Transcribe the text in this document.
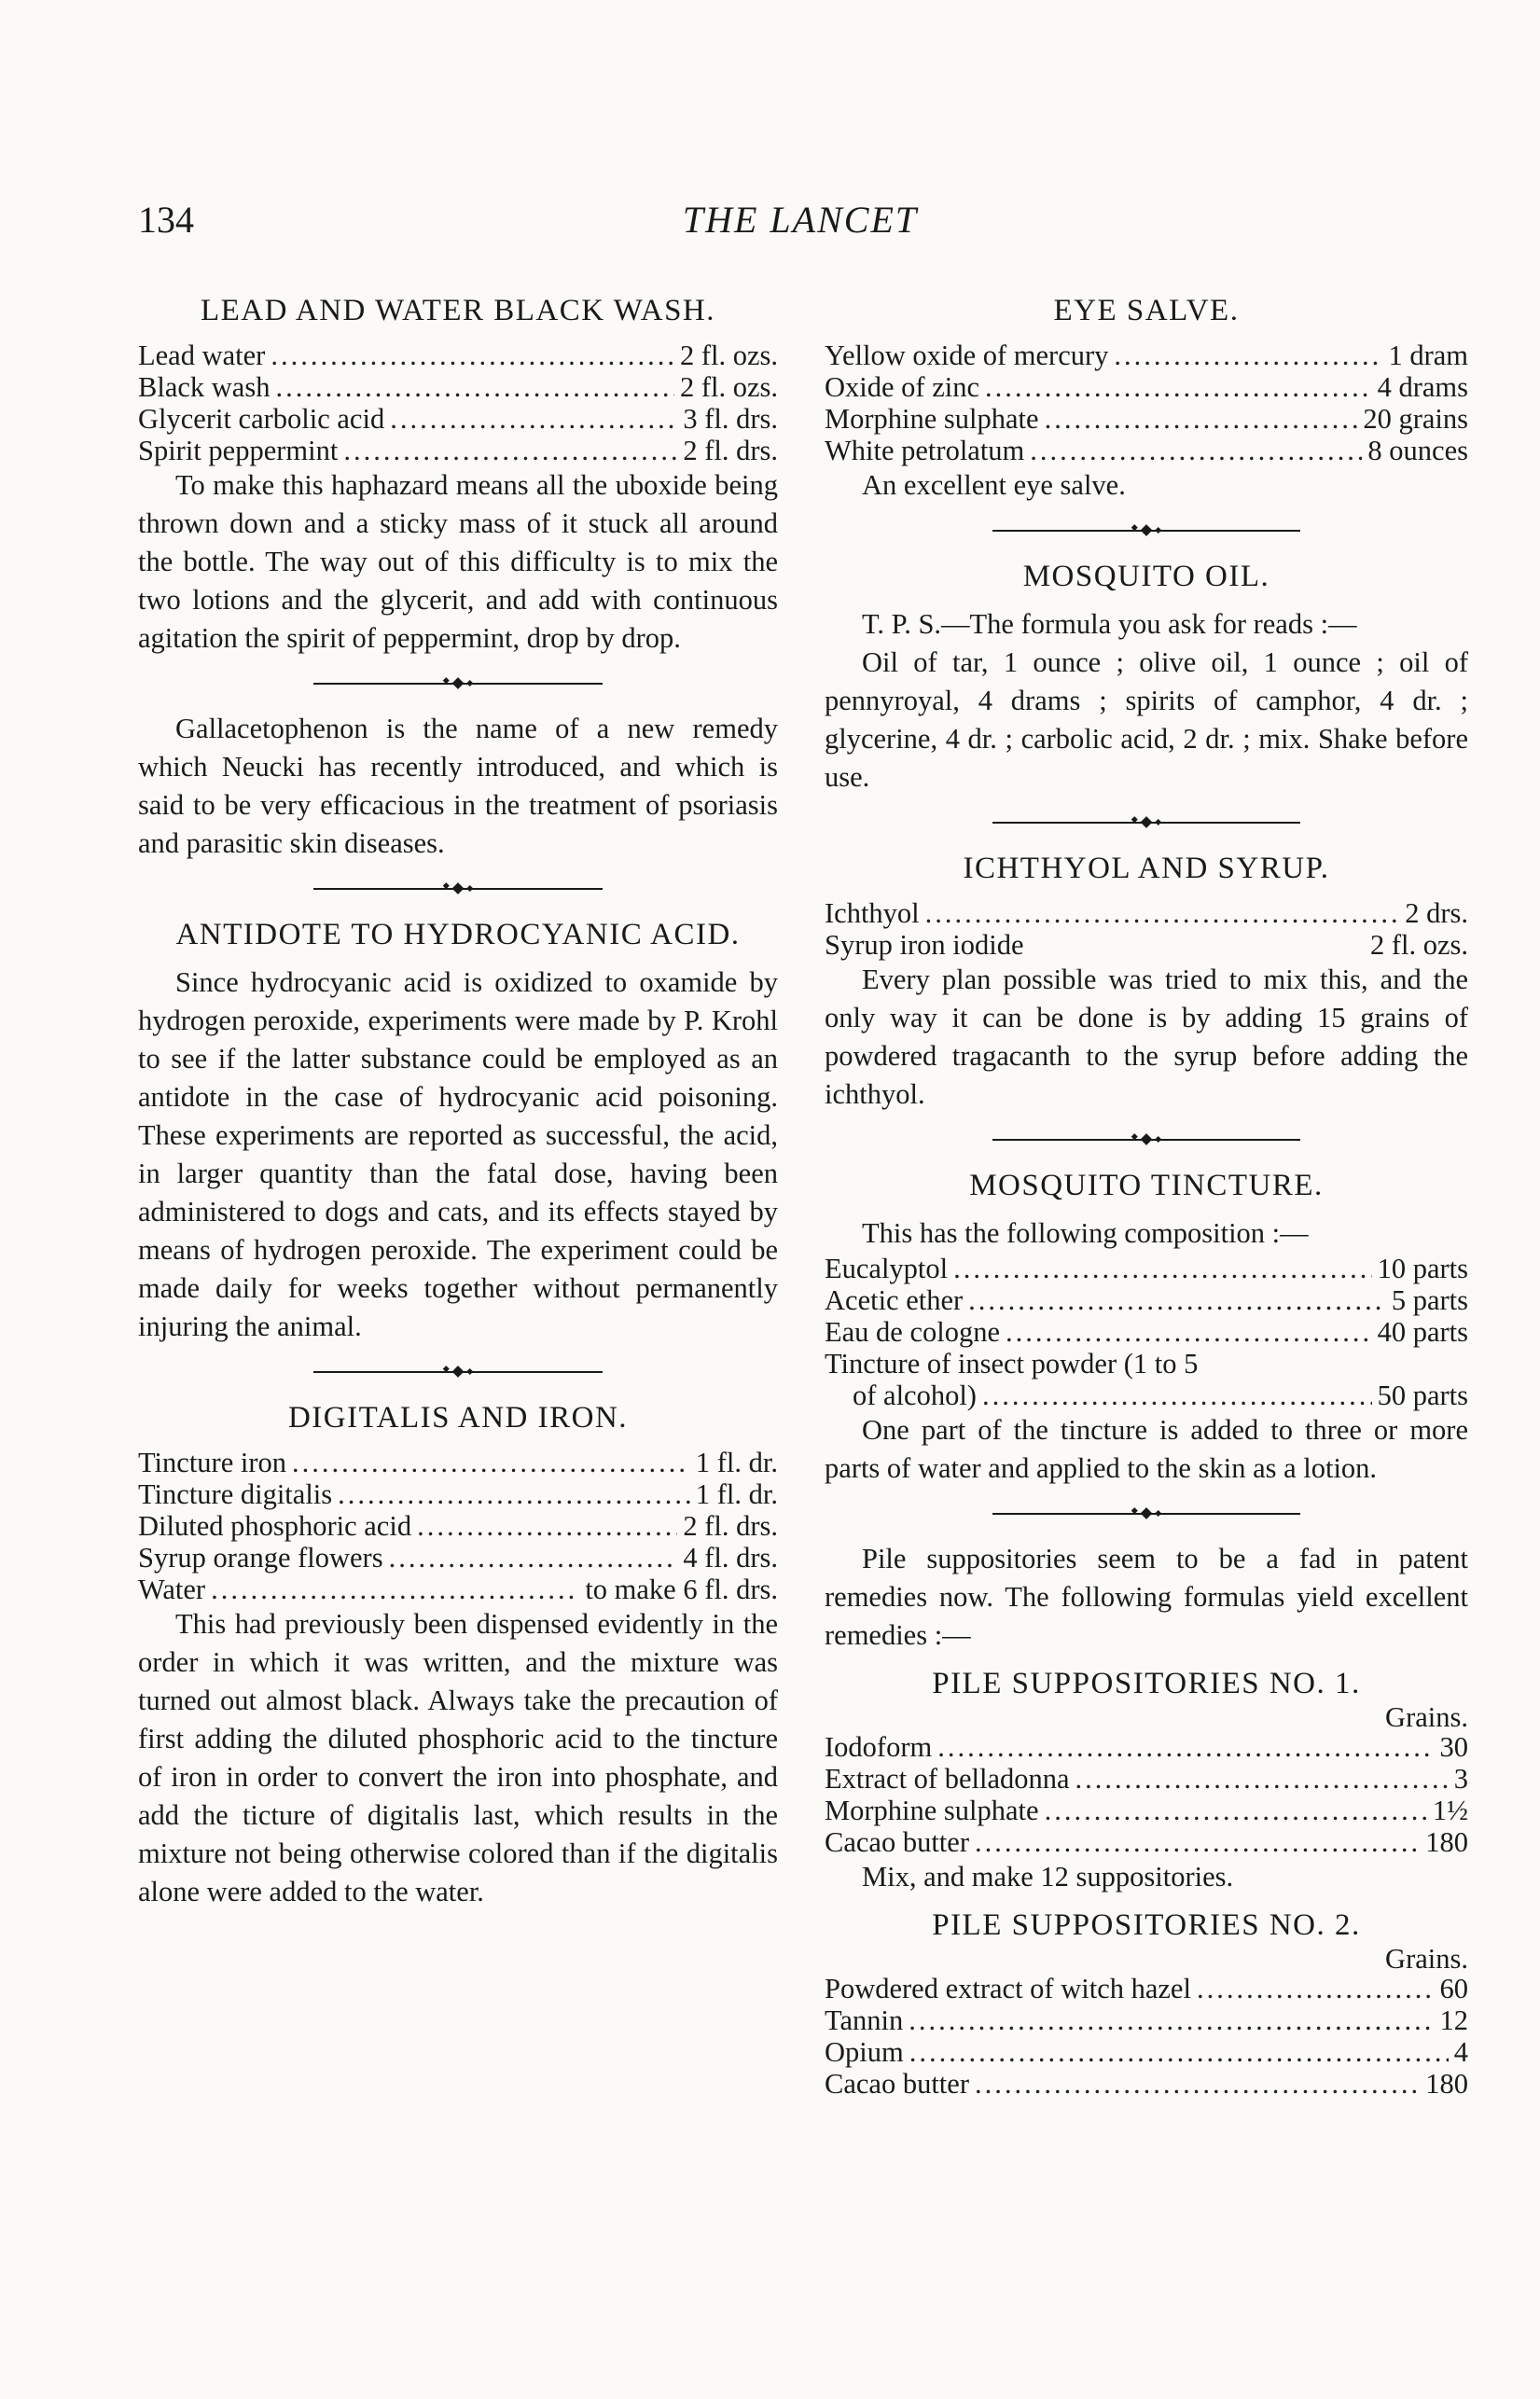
134	THE LANCET
LEAD AND WATER BLACK WASH.
Lead water .....	2 fl. ozs.
Black wash .....	2 fl. ozs.
Glycerit carbolic acid .....	3 fl. drs.
Spirit peppermint .....	2 fl. drs.

To make this haphazard means all the uboxide being thrown down and a sticky mass of it stuck all around the bottle. The way out of this difficulty is to mix the two lotions and the glycerit, and add with continuous agitation the spirit of peppermint, drop by drop.

Gallacetophenon is the name of a new remedy which Neucki has recently introduced, and which is said to be very efficacious in the treatment of psoriasis and parasitic skin diseases.

ANTIDOTE TO HYDROCYANIC ACID.

Since hydrocyanic acid is oxidized to oxamide by hydrogen peroxide, experiments were made by P. Krohl to see if the latter substance could be employed as an antidote in the case of hydrocyanic acid poisoning. These experiments are reported as successful, the acid, in larger quantity than the fatal dose, having been administered to dogs and cats, and its effects stayed by means of hydrogen peroxide. The experiment could be made daily for weeks together without permanently injuring the animal.

DIGITALIS AND IRON.
Tincture iron .....	1 fl. dr.
Tincture digitalis .....	1 fl. dr.
Diluted phosphoric acid .....	2 fl. drs.
Syrup orange flowers .....	4 fl. drs.
Water .....	to make 6 fl. drs.

This had previously been dispensed evidently in the order in which it was written, and the mixture was turned out almost black. Always take the precaution of first adding the diluted phosphoric acid to the tincture of iron in order to convert the iron into phosphate, and add the ticture of digitalis last, which results in the mixture not being otherwise colored than if the digitalis alone were added to the water.

EYE SALVE.
Yellow oxide of mercury .....	1 dram
Oxide of zinc .....	4 drams
Morphine sulphate .....	20 grains
White petrolatum .....	8 ounces

An excellent eye salve.

MOSQUITO OIL.

T. P. S.—The formula you ask for reads :—

Oil of tar, 1 ounce ; olive oil, 1 ounce ; oil of pennyroyal, 4 drams ; spirits of camphor, 4 dr. ; glycerine, 4 dr. ; carbolic acid, 2 dr. ; mix. Shake before use.

ICHTHYOL AND SYRUP.
Ichthyol .....	2 drs.
Syrup iron iodide	2 fl. ozs.

Every plan possible was tried to mix this, and the only way it can be done is by adding 15 grains of powdered tragacanth to the syrup before adding the ichthyol.

MOSQUITO TINCTURE.

This has the following composition :—

Eucalyptol .....	10 parts
Acetic ether .....	5 parts
Eau de cologne .....	40 parts
Tincture of insect powder (1 to 5
of alcohol) .....	50 parts

One part of the tincture is added to three or more parts of water and applied to the skin as a lotion.

Pile suppositories seem to be a fad in patent remedies now. The following formulas yield excellent remedies :—

PILE SUPPOSITORIES NO. 1.
Grains.
Iodoform .....	30
Extract of belladonna .....	3
Morphine sulphate .....	1½
Cacao butter .....	180

Mix, and make 12 suppositories.

PILE SUPPOSITORIES NO. 2.
Grains.
Powdered extract of witch hazel .....	60
Tannin .....	12
Opium .....	4
Cacao butter .....	180
